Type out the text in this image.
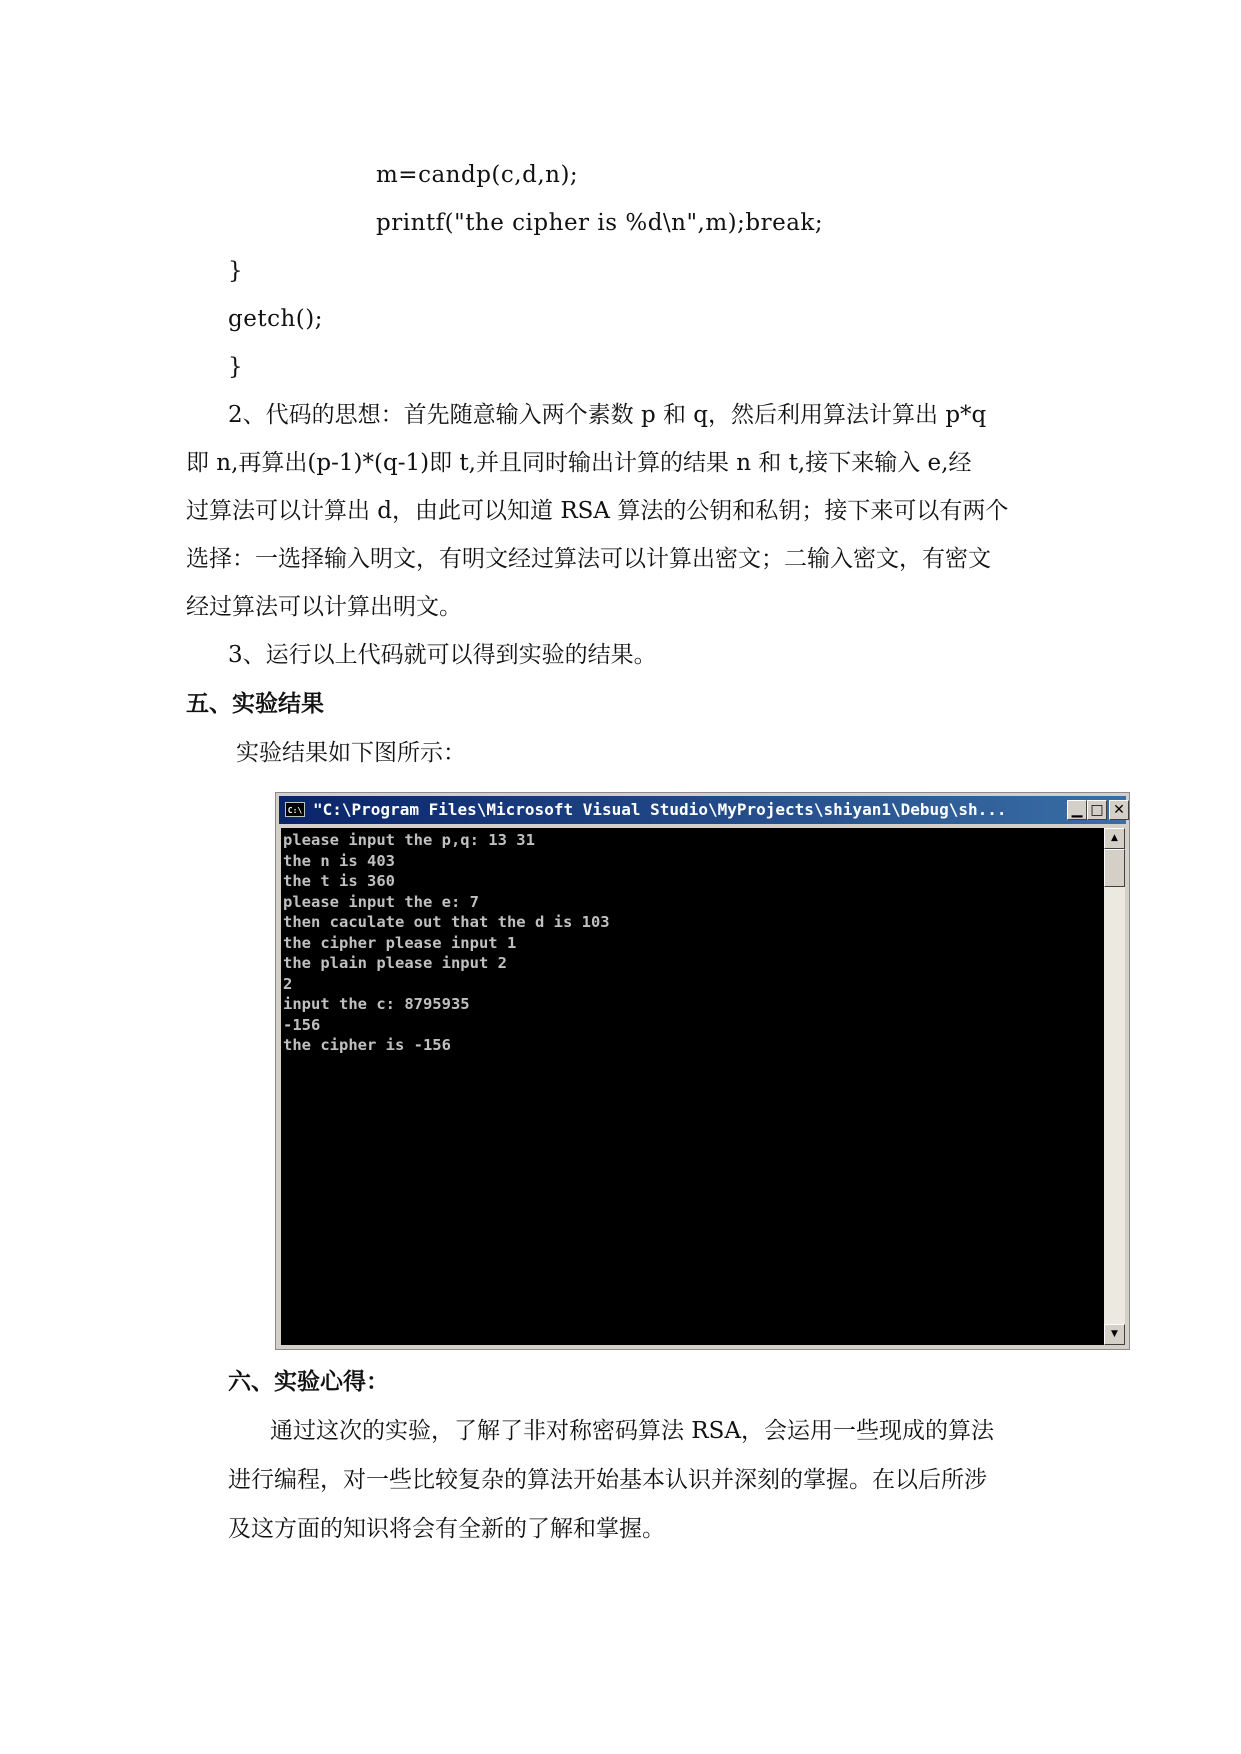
m=candp(c,d,n);
printf("the cipher is %d\n",m);break;
}
getch();
}
2、代码的思想：首先随意输入两个素数 p 和 q，然后利用算法计算出 p*q
即 n,再算出(p-1)*(q-1)即 t,并且同时输出计算的结果 n 和 t,接下来输入 e,经
过算法可以计算出 d，由此可以知道 RSA 算法的公钥和私钥；接下来可以有两个
选择：一选择输入明文，有明文经过算法可以计算出密文；二输入密文，有密文
经过算法可以计算出明文。
3、运行以上代码就可以得到实验的结果。
五、实验结果
实验结果如下图所示：
C:\ "C:\Program Files\Microsoft Visual Studio\MyProjects\shiyan1\Debug\sh...	▁ □ ✕
please input the p,q: 13 31
the n is 403
the t is 360
please input the e: 7
then caculate out that the d is 103
the cipher please input 1
the plain please input 2
2
input the c: 8795935
-156
the cipher is -156
▲
▼
六、实验心得：
通过这次的实验，了解了非对称密码算法 RSA，会运用一些现成的算法
进行编程，对一些比较复杂的算法开始基本认识并深刻的掌握。在以后所涉
及这方面的知识将会有全新的了解和掌握。
